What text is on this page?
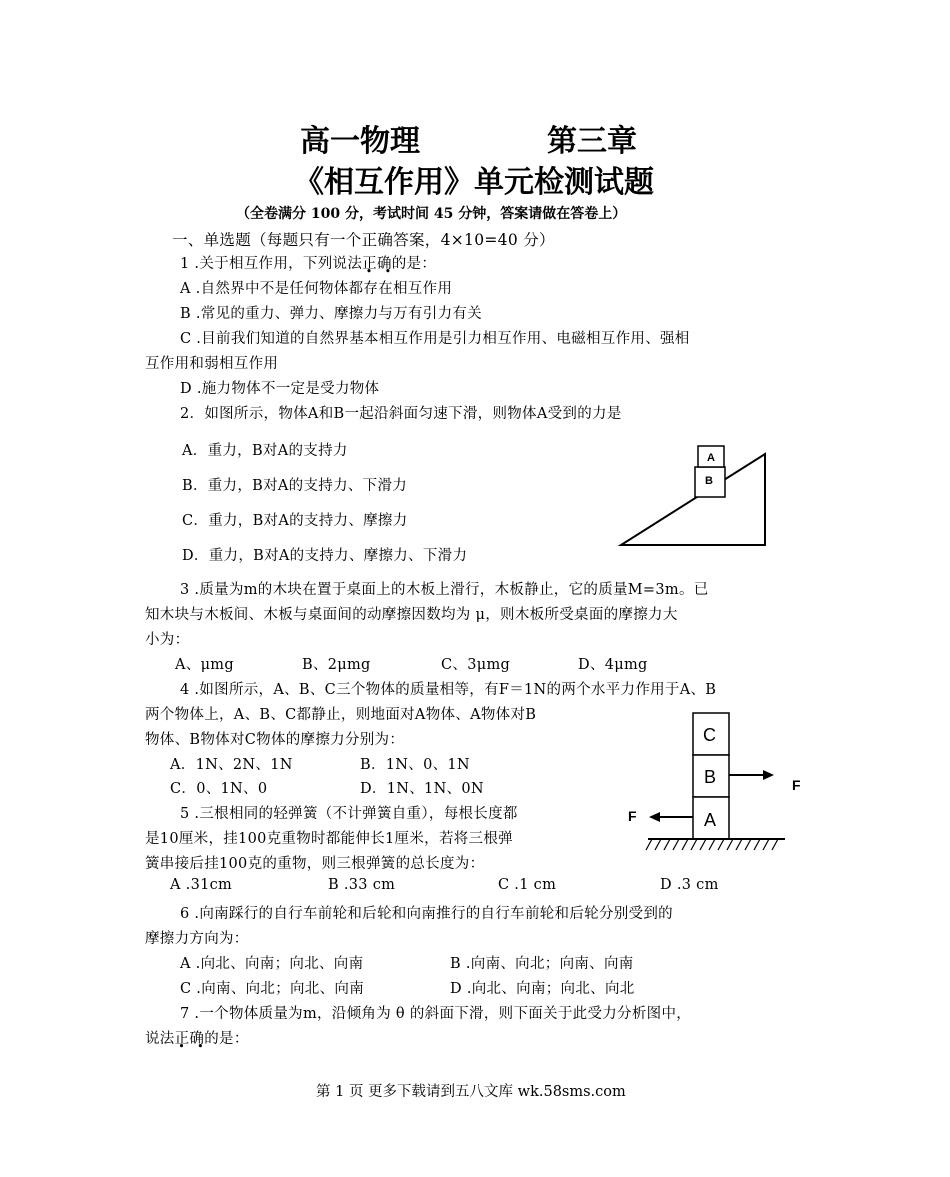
高一物理	第三章
《相互作用》单元检测试题
（全卷满分 100 分，考试时间 45 分钟，答案请做在答卷上）
一、单选题（每题只有一个正确答案，4×10=40 分）
1 .关于相互作用，下列说法正确 • •的是：
A .自然界中不是任何物体都存在相互作用
B .常见的重力、弹力、摩擦力与万有引力有关
C .目前我们知道的自然界基本相互作用是引力相互作用、电磁相互作用、强相
互作用和弱相互作用
D .施力物体不一定是受力物体
2．如图所示，物体A和B一起沿斜面匀速下滑，则物体A受到的力是
A．重力，B对A的支持力
B．重力，B对A的支持力、下滑力
C．重力，B对A的支持力、摩擦力
D．重力，B对A的支持力、摩擦力、下滑力
A
B
3 .质量为m的木块在置于桌面上的木板上滑行，木板静止，它的质量M=3m。已
知木块与木板间、木板与桌面间的动摩擦因数均为 μ，则木板所受桌面的摩擦力大
小为：
A、μmg	B、2μmg	C、3μmg	D、4μmg
4 .如图所示，A、B、C三个物体的质量相等，有F＝1N的两个水平力作用于A、B
两个物体上，A、B、C都静止，则地面对A物体、A物体对B
物体、B物体对C物体的摩擦力分别为：
A．1N、2N、1N	B．1N、0、1N
C．0、1N、0	D．1N、1N、0N
C
B
A
F
F
5 .三根相同的轻弹簧（不计弹簧自重），每根长度都
是10厘米，挂100克重物时都能伸长1厘米，若将三根弹
簧串接后挂100克的重物，则三根弹簧的总长度为：
A .31cm	B .33 cm	C .1 cm	D .3 cm
6 .向南踩行的自行车前轮和后轮和向南推行的自行车前轮和后轮分别受到的
摩擦力方向为：
A .向北、向南；向北、向南	B .向南、向北；向南、向南
C .向南、向北；向北、向南	D .向北、向南；向北、向北
7 .一个物体质量为m，沿倾角为 θ 的斜面下滑，则下面关于此受力分析图中，
说法正确 • •的是：
第 1 页 更多下载请到五八文库 wk.58sms.com
